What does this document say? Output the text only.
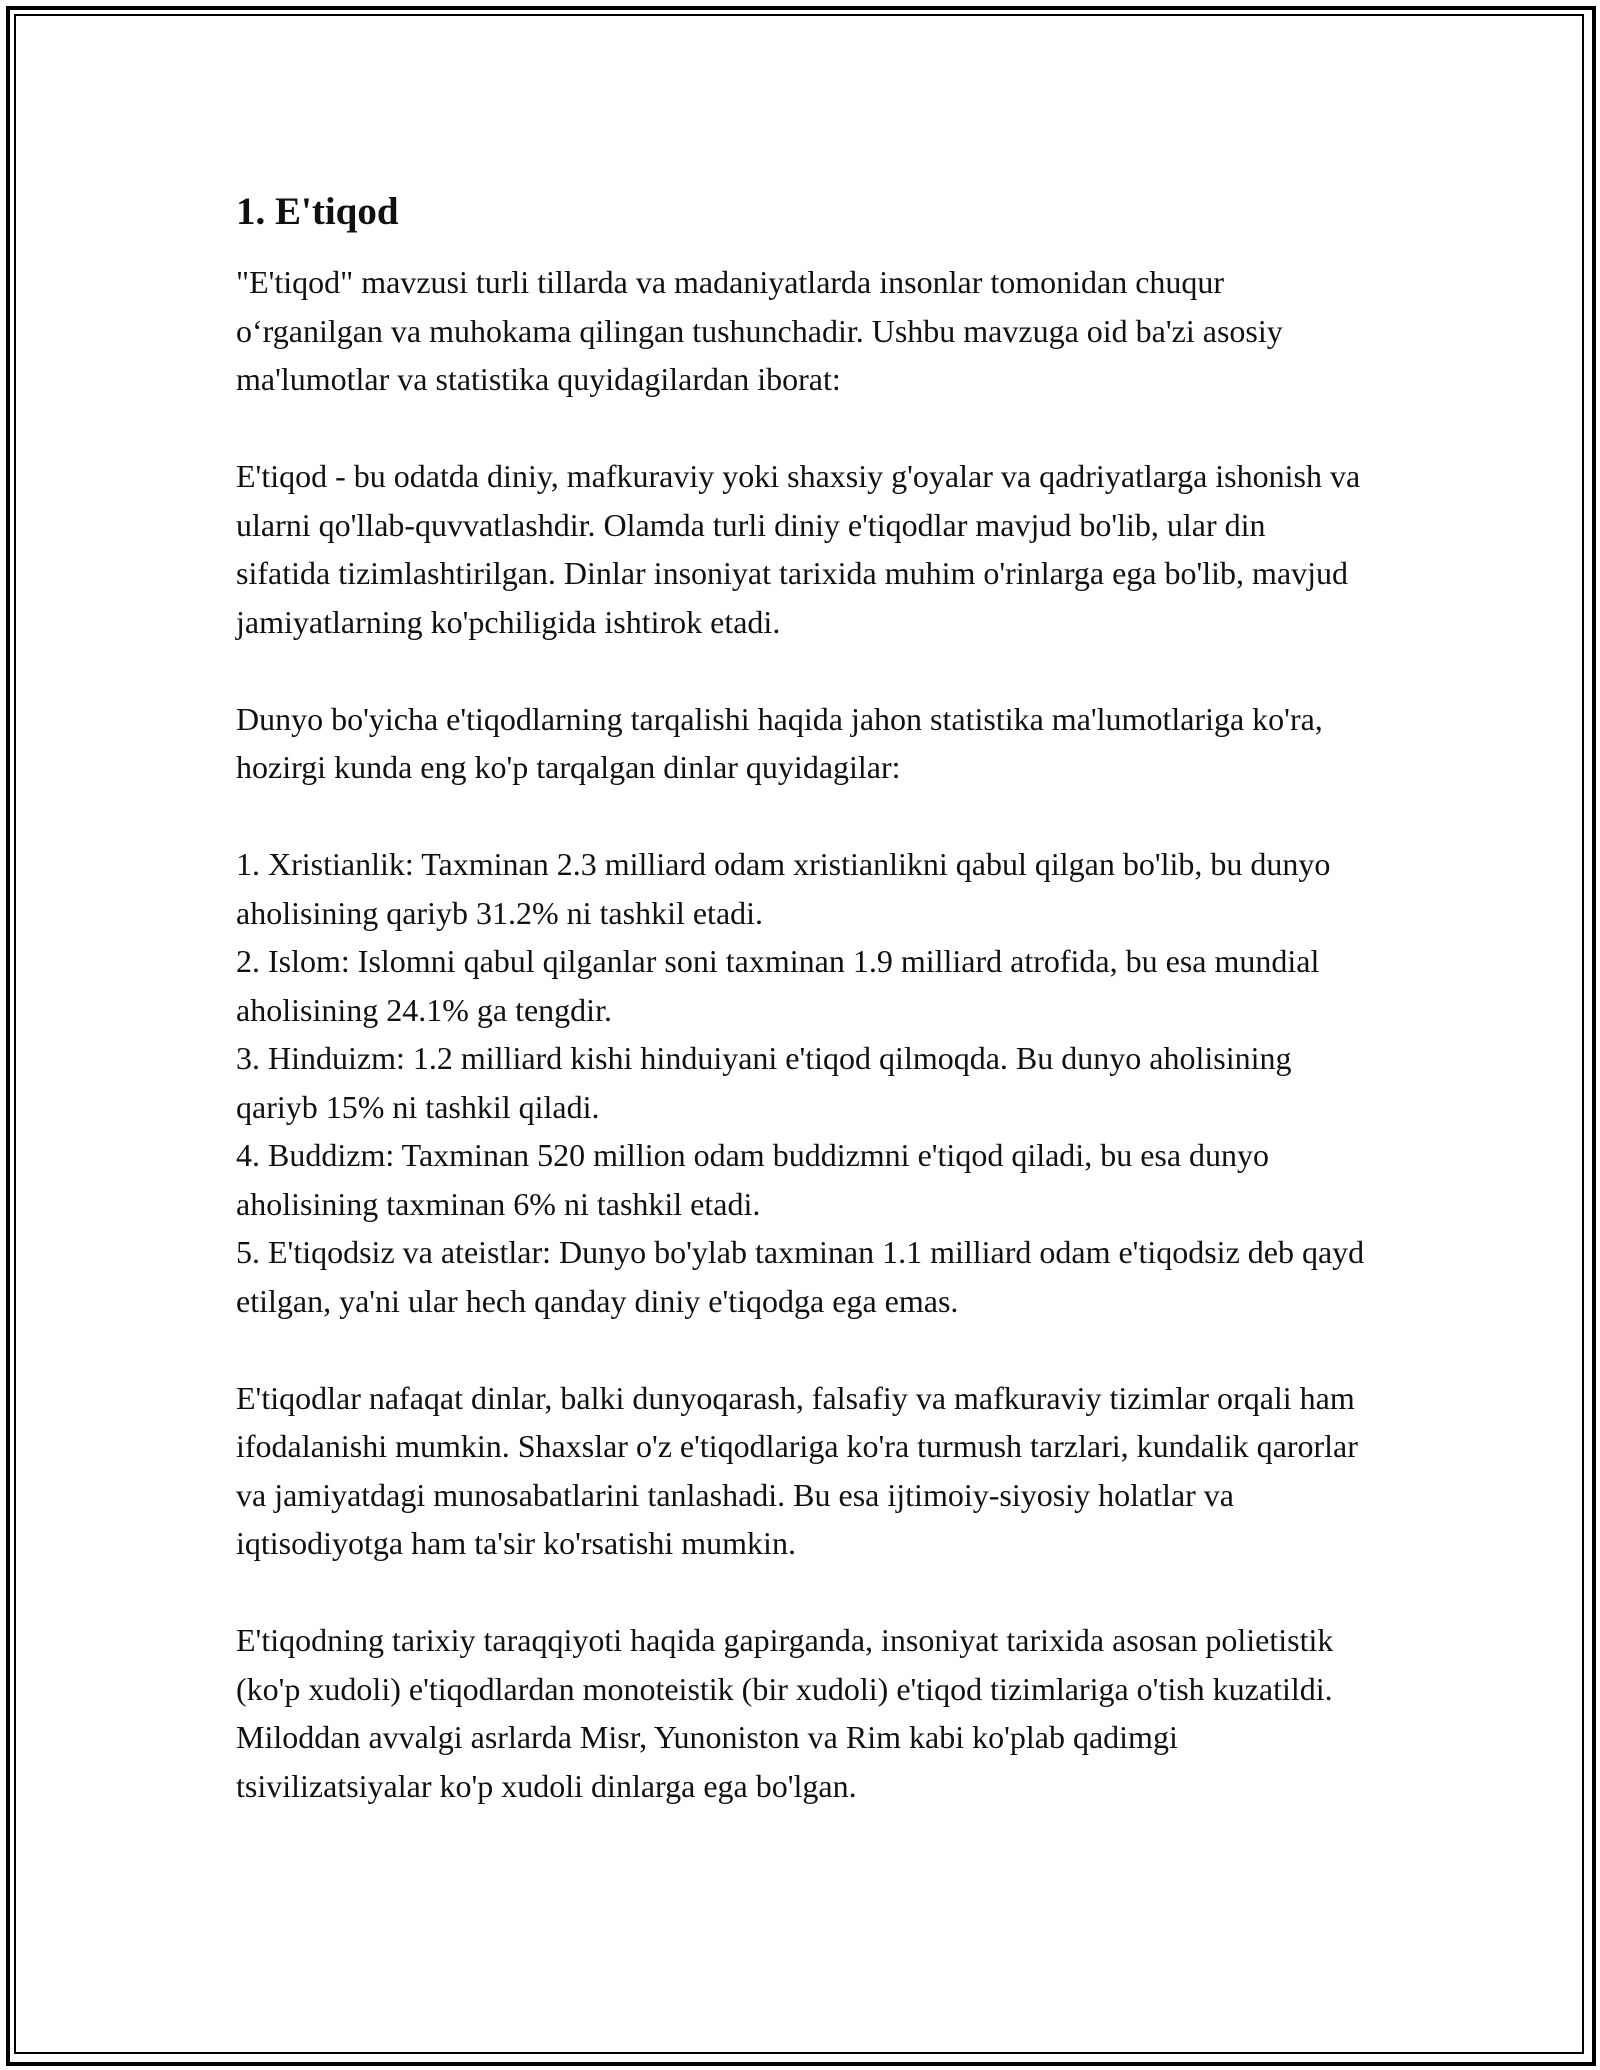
1. E'tiqod

"E'tiqod" mavzusi turli tillarda va madaniyatlarda insonlar tomonidan chuqur oʻrganilgan va muhokama qilingan tushunchadir. Ushbu mavzuga oid ba'zi asosiy ma'lumotlar va statistika quyidagilardan iborat:

E'tiqod - bu odatda diniy, mafkuraviy yoki shaxsiy g'oyalar va qadriyatlarga ishonish va ularni qo'llab-quvvatlashdir. Olamda turli diniy e'tiqodlar mavjud bo'lib, ular din sifatida tizimlashtirilgan. Dinlar insoniyat tarixida muhim o'rinlarga ega bo'lib, mavjud jamiyatlarning ko'pchiligida ishtirok etadi.

Dunyo bo'yicha e'tiqodlarning tarqalishi haqida jahon statistika ma'lumotlariga ko'ra, hozirgi kunda eng ko'p tarqalgan dinlar quyidagilar:

1. Xristianlik: Taxminan 2.3 milliard odam xristianlikni qabul qilgan bo'lib, bu dunyo aholisining qariyb 31.2% ni tashkil etadi.
2. Islom: Islomni qabul qilganlar soni taxminan 1.9 milliard atrofida, bu esa mundial aholisining 24.1% ga tengdir.
3. Hinduizm: 1.2 milliard kishi hinduiyani e'tiqod qilmoqda. Bu dunyo aholisining qariyb 15% ni tashkil qiladi.
4. Buddizm: Taxminan 520 million odam buddizmni e'tiqod qiladi, bu esa dunyo aholisining taxminan 6% ni tashkil etadi.
5. E'tiqodsiz va ateistlar: Dunyo bo'ylab taxminan 1.1 milliard odam e'tiqodsiz deb qayd etilgan, ya'ni ular hech qanday diniy e'tiqodga ega emas.

E'tiqodlar nafaqat dinlar, balki dunyoqarash, falsafiy va mafkuraviy tizimlar orqali ham ifodalanishi mumkin. Shaxslar o'z e'tiqodlariga ko'ra turmush tarzlari, kundalik qarorlar va jamiyatdagi munosabatlarini tanlashadi. Bu esa ijtimoiy-siyosiy holatlar va iqtisodiyotga ham ta'sir ko'rsatishi mumkin.

E'tiqodning tarixiy taraqqiyoti haqida gapirganda, insoniyat tarixida asosan polietistik (ko'p xudoli) e'tiqodlardan monoteistik (bir xudoli) e'tiqod tizimlariga o'tish kuzatildi. Miloddan avvalgi asrlarda Misr, Yunoniston va Rim kabi ko'plab qadimgi tsivilizatsiyalar ko'p xudoli dinlarga ega bo'lgan.
